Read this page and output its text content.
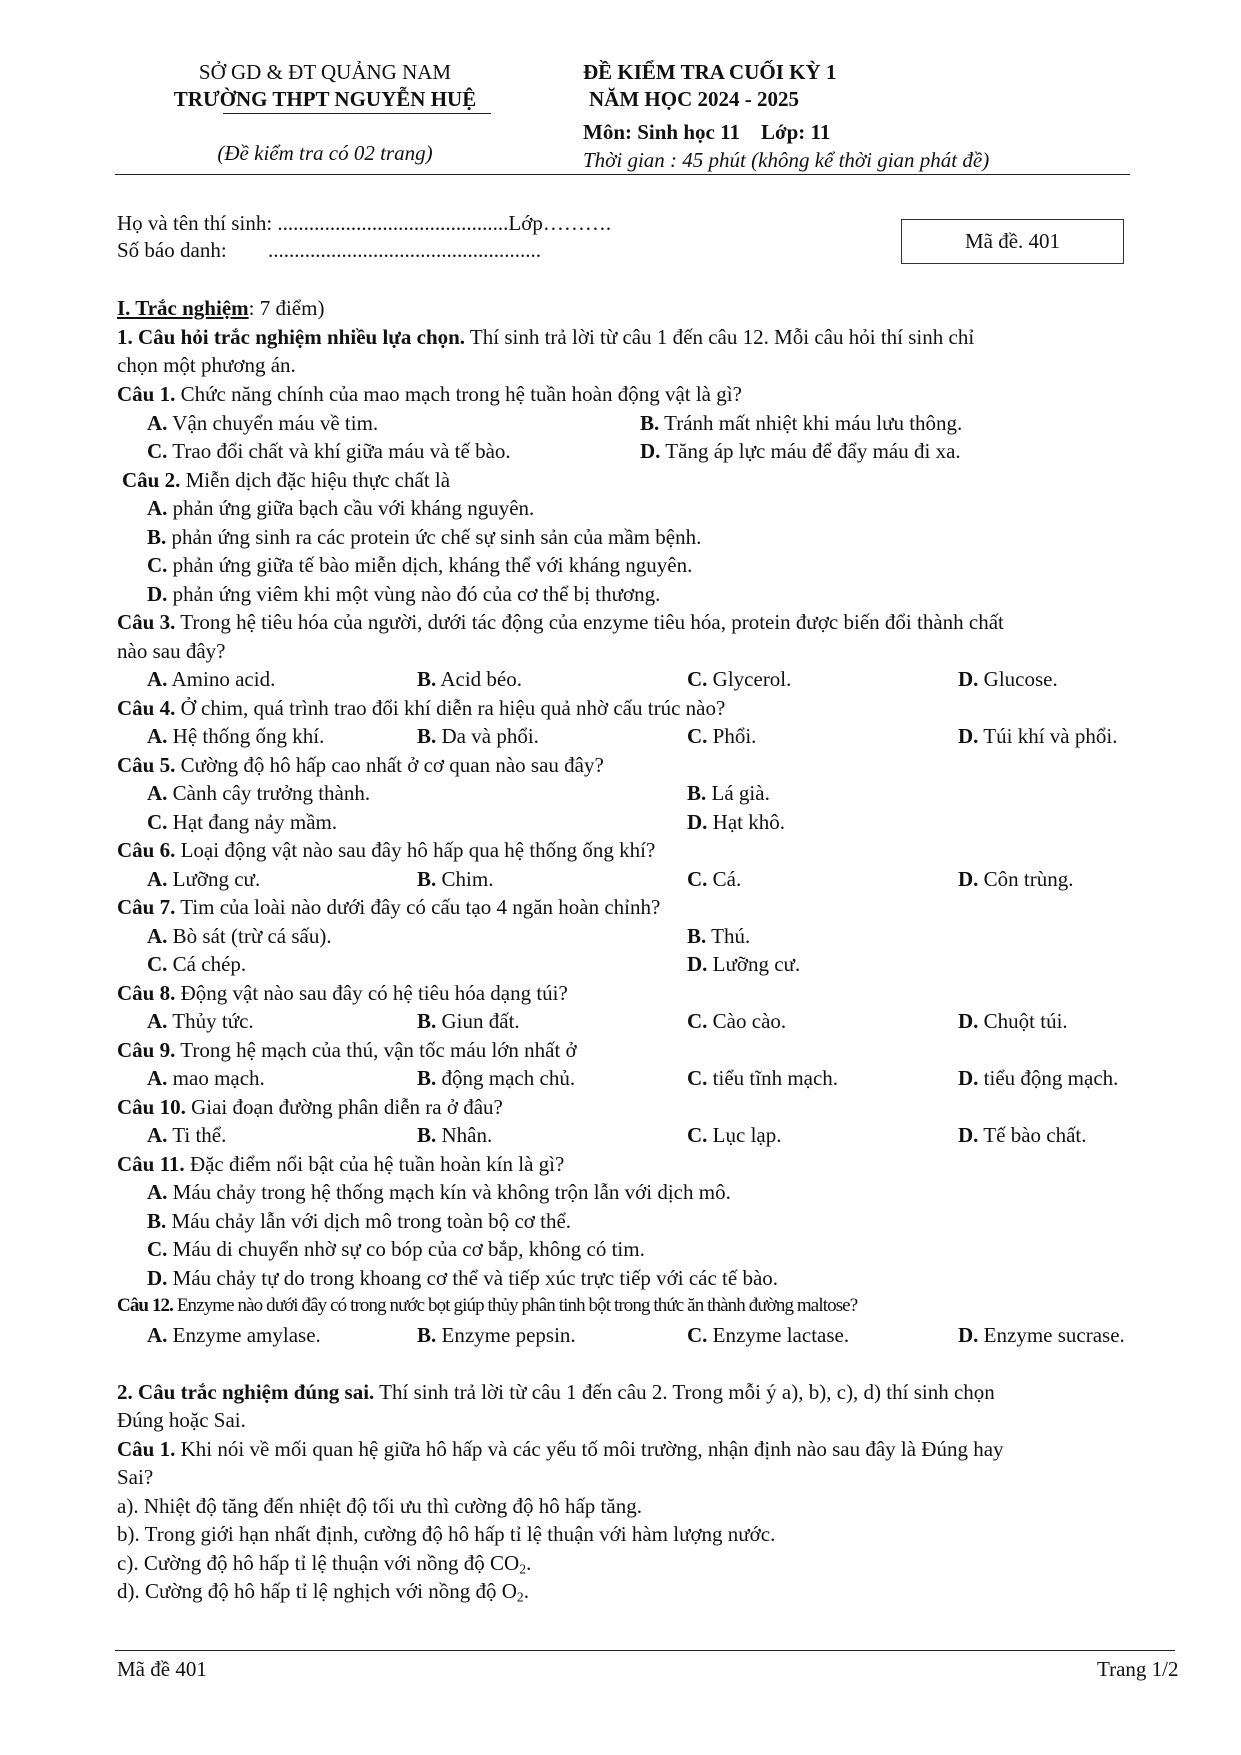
SỞ GD & ĐT QUẢNG NAM
TRƯỜNG THPT NGUYỄN HUỆ
(Đề kiểm tra có 02 trang)
ĐỀ KIỂM TRA CUỐI KỲ 1
NĂM HỌC 2024 - 2025
Môn: Sinh học 11    Lớp: 11
Thời gian : 45 phút (không kể thời gian phát đề)
Họ và tên thí sinh: ............................................Lớp……….
Số báo danh: ....................................................	Mã đề. 401
I. Trắc nghiệm: 7 điểm)
1. Câu hỏi trắc nghiệm nhiều lựa chọn. Thí sinh trả lời từ câu 1 đến câu 12. Mỗi câu hỏi thí sinh chỉ
chọn một phương án.
Câu 1. Chức năng chính của mao mạch trong hệ tuần hoàn động vật là gì?
A. Vận chuyển máu về tim.	B. Tránh mất nhiệt khi máu lưu thông.
C. Trao đổi chất và khí giữa máu và tế bào.	D. Tăng áp lực máu để đẩy máu đi xa.
Câu 2. Miễn dịch đặc hiệu thực chất là
A. phản ứng giữa bạch cầu với kháng nguyên.
B. phản ứng sinh ra các protein ức chế sự sinh sản của mầm bệnh.
C. phản ứng giữa tế bào miễn dịch, kháng thể với kháng nguyên.
D. phản ứng viêm khi một vùng nào đó của cơ thể bị thương.
Câu 3. Trong hệ tiêu hóa của người, dưới tác động của enzyme tiêu hóa, protein được biến đổi thành chất
nào sau đây?
A. Amino acid.	B. Acid béo.	C. Glycerol.	D. Glucose.
Câu 4. Ở chim, quá trình trao đổi khí diễn ra hiệu quả nhờ cấu trúc nào?
A. Hệ thống ống khí.	B. Da và phổi.	C. Phổi.	D. Túi khí và phổi.
Câu 5. Cường độ hô hấp cao nhất ở cơ quan nào sau đây?
A. Cành cây trưởng thành.	B. Lá già.
C. Hạt đang nảy mầm.	D. Hạt khô.
Câu 6. Loại động vật nào sau đây hô hấp qua hệ thống ống khí?
A. Lưỡng cư.	B. Chim.	C. Cá.	D. Côn trùng.
Câu 7. Tim của loài nào dưới đây có cấu tạo 4 ngăn hoàn chỉnh?
A. Bò sát (trừ cá sấu).	B. Thú.
C. Cá chép.	D. Lưỡng cư.
Câu 8. Động vật nào sau đây có hệ tiêu hóa dạng túi?
A. Thủy tức.	B. Giun đất.	C. Cào cào.	D. Chuột túi.
Câu 9. Trong hệ mạch của thú, vận tốc máu lớn nhất ở
A. mao mạch.	B. động mạch chủ.	C. tiểu tĩnh mạch.	D. tiểu động mạch.
Câu 10. Giai đoạn đường phân diễn ra ở đâu?
A. Ti thể.	B. Nhân.	C. Lục lạp.	D. Tế bào chất.
Câu 11. Đặc điểm nổi bật của hệ tuần hoàn kín là gì?
A. Máu chảy trong hệ thống mạch kín và không trộn lẫn với dịch mô.
B. Máu chảy lẫn với dịch mô trong toàn bộ cơ thể.
C. Máu di chuyển nhờ sự co bóp của cơ bắp, không có tim.
D. Máu chảy tự do trong khoang cơ thể và tiếp xúc trực tiếp với các tế bào.
Câu 12. Enzyme nào dưới đây có trong nước bọt giúp thủy phân tinh bột trong thức ăn thành đường maltose?
A. Enzyme amylase.	B. Enzyme pepsin.	C. Enzyme lactase.	D. Enzyme sucrase.
2. Câu trắc nghiệm đúng sai. Thí sinh trả lời từ câu 1 đến câu 2. Trong mỗi ý a), b), c), d) thí sinh chọn
Đúng hoặc Sai.
Câu 1. Khi nói về mối quan hệ giữa hô hấp và các yếu tố môi trường, nhận định nào sau đây là Đúng hay
Sai?
a). Nhiệt độ tăng đến nhiệt độ tối ưu thì cường độ hô hấp tăng.
b). Trong giới hạn nhất định, cường độ hô hấp tỉ lệ thuận với hàm lượng nước.
c). Cường độ hô hấp tỉ lệ thuận với nồng độ $CO_2$.
d). Cường độ hô hấp tỉ lệ nghịch với nồng độ $O_2$.
Mã đề 401	Trang 1/2
